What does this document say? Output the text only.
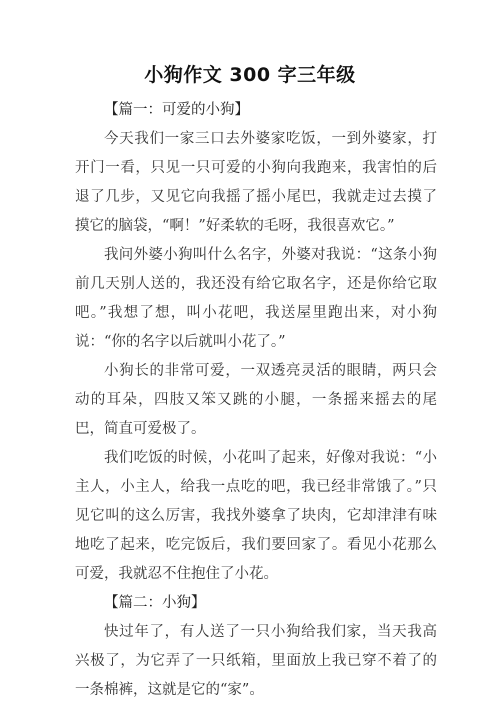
小狗作文 300 字三年级

【篇一：可爱的小狗】

今天我们一家三口去外婆家吃饭，一到外婆家，打开门一看，只见一只可爱的小狗向我跑来，我害怕的后退了几步，又见它向我摇了摇小尾巴，我就走过去摸了摸它的脑袋，“啊！”好柔软的毛呀，我很喜欢它。”

我问外婆小狗叫什么名字，外婆对我说：“这条小狗前几天别人送的，我还没有给它取名字，还是你给它取吧。”我想了想，叫小花吧，我送屋里跑出来，对小狗说：“你的名字以后就叫小花了。”

小狗长的非常可爱，一双透亮灵活的眼睛，两只会动的耳朵，四肢又笨又跳的小腿，一条摇来摇去的尾巴，简直可爱极了。

我们吃饭的时候，小花叫了起来，好像对我说：“小主人，小主人，给我一点吃的吧，我已经非常饿了。”只见它叫的这么厉害，我找外婆拿了块肉，它却津津有味地吃了起来，吃完饭后，我们要回家了。看见小花那么可爱，我就忍不住抱住了小花。

【篇二：小狗】

快过年了，有人送了一只小狗给我们家，当天我高兴极了，为它弄了一只纸箱，里面放上我已穿不着了的一条棉裤，这就是它的“家”。
